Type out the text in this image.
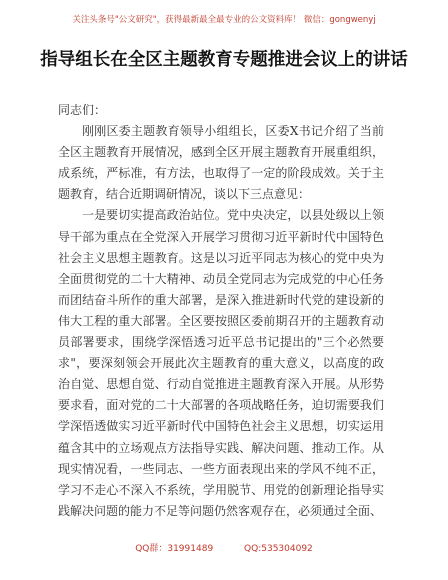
关注头条号"公文研究"，获得最新最全最专业的公文资料库！ 微信：gongwenyj
指导组长在全区主题教育专题推进会议上的讲话

同志们：

刚刚区委主题教育领导小组组长，区委X书记介绍了当前全区主题教育开展情况，感到全区开展主题教育开展重组织，成系统，严标准，有方法，也取得了一定的阶段成效。关于主题教育，结合近期调研情况，谈以下三点意见：

一是要切实提高政治站位。党中央决定，以县处级以上领导干部为重点在全党深入开展学习贯彻习近平新时代中国特色社会主义思想主题教育。这是以习近平同志为核心的党中央为全面贯彻党的二十大精神、动员全党同志为完成党的中心任务而团结奋斗所作的重大部署，是深入推进新时代党的建设新的伟大工程的重大部署。全区要按照区委前期召开的主题教育动员部署要求，围绕学深悟透习近平总书记提出的"三个必然要求"，要深刻领会开展此次主题教育的重大意义，以高度的政治自觉、思想自觉、行动自觉推进主题教育深入开展。从形势要求看，面对党的二十大部署的各项战略任务，迫切需要我们学深悟透做实习近平新时代中国特色社会主义思想，切实运用蕴含其中的立场观点方法指导实践、解决问题、推动工作。从现实情况看，一些同志、一些方面表现出来的学风不纯不正，学习不走心不深入不系统，学用脱节、用党的创新理论指导实践解决问题的能力不足等问题仍然客观存在，必须通过全面、

QQ群：31991489	QQ:535304092
